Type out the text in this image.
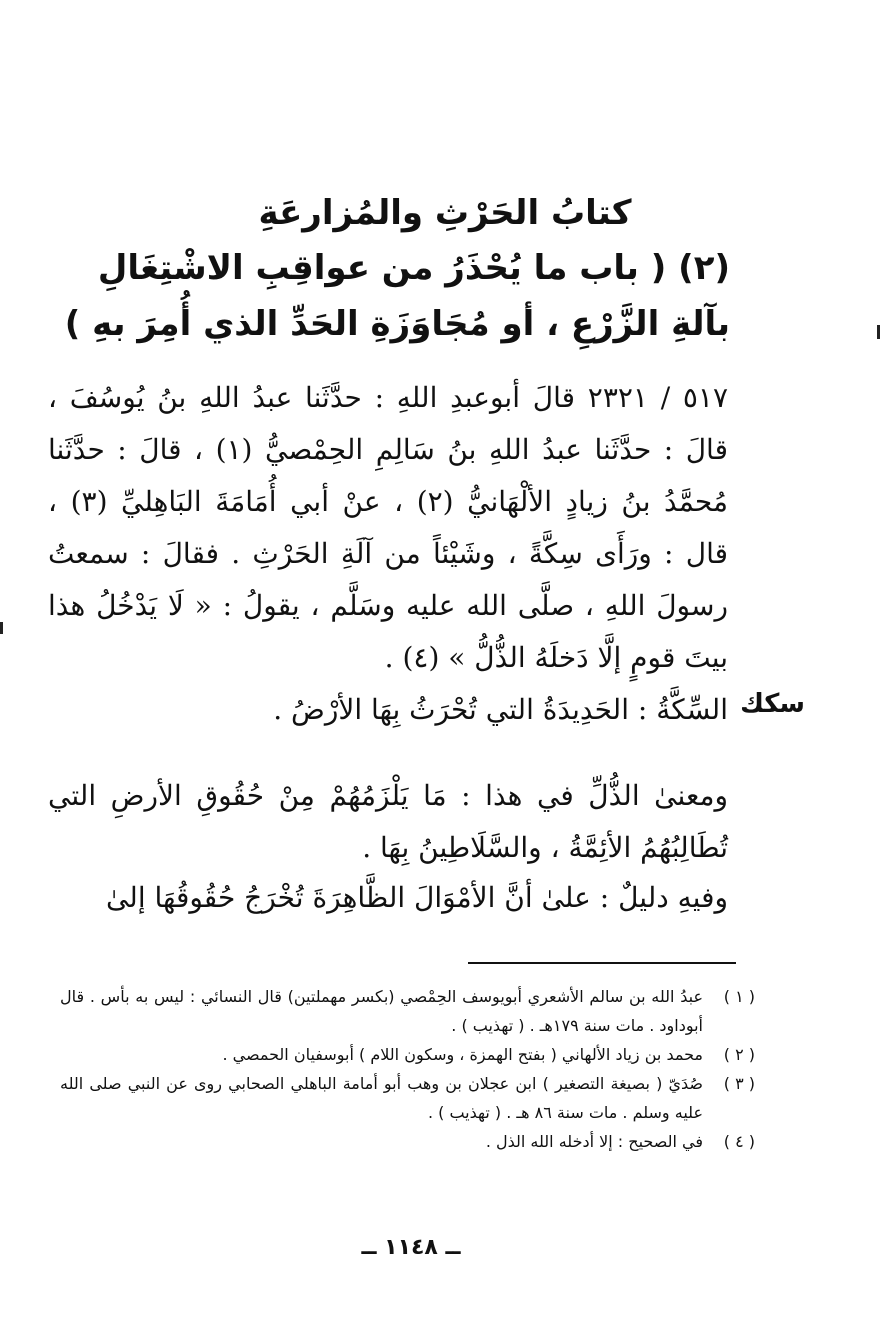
كتابُ الحَرْثِ والمُزارعَةِ
(٢) ( باب ما يُحْذَرُ من عواقِبِ الاشْتِغَالِ بآلةِ الزَّرْعِ ، أو مُجَاوَزَةِ الحَدِّ الذي أُمِرَ بهِ )
٥١٧ / ٢٣٢١ قالَ أبوعبدِ اللهِ : حدَّثَنا عبدُ اللهِ بنُ يُوسُفَ ، قالَ : حدَّثَنا عبدُ اللهِ بنُ سَالِمِ الحِمْصيُّ (١) ، قالَ : حدَّثَنا مُحمَّدُ بنُ زيادٍ الألْهَانيُّ (٢) ، عنْ أبي أُمَامَةَ البَاهِليِّ (٣) ، قال : ورَأَى سِكَّةً ، وشَيْئاً من آلَةِ الحَرْثِ . فقالَ : سمعتُ رسولَ اللهِ ، صلَّى الله عليه وسَلَّم ، يقولُ : « لَا يَدْخُلُ هذا بيتَ قومٍ إلَّا دَخلَهُ الذُّلُّ » (٤) .
سكك
السِّكَّةُ : الحَدِيدَةُ التي تُحْرَثُ بِهَا الأرْضُ .
ومعنىٰ الذُّلِّ في هذا : مَا يَلْزَمُهُمْ مِنْ حُقُوقِ الأرضِ التي تُطَالِبُهُمُ الأئِمَّةُ ، والسَّلَاطِينُ بِهَا .
وفيهِ دليلٌ : علىٰ أنَّ الأمْوَالَ الظَّاهِرَةَ تُخْرَجُ حُقُوقُهَا إلىٰ
( ١ )
عبدُ الله بن سالم الأشعري أبويوسف الحِمْصي (بكسر مهملتين) قال النسائي : ليس به بأس . قال أبوداود . مات سنة ١٧٩هـ . ( تهذيب ) .
( ٢ )
محمد بن زياد الألهاني ( بفتح الهمزة ، وسكون اللام ) أبوسفيان الحمصي .
( ٣ )
صُدَيّ ( بصيغة التصغير ) ابن عجلان بن وهب أبو أمامة الباهلي الصحابي روى عن النبي صلى الله عليه وسلم . مات سنة ٨٦ هـ . ( تهذيب ) .
( ٤ )
في الصحيح : إلا أدخله الله الذل .
ــ ١١٤٨ ــ
